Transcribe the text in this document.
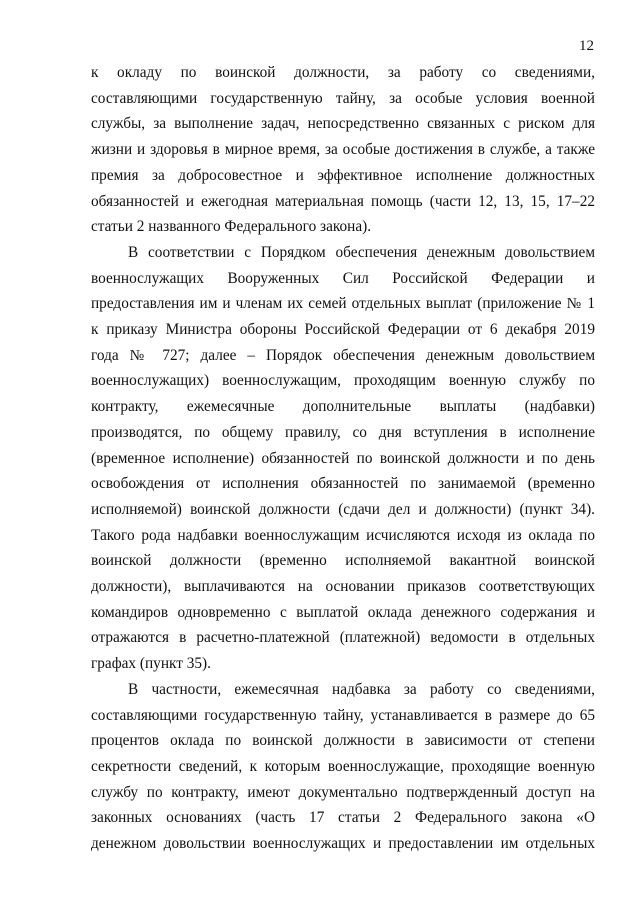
12

к окладу по воинской должности, за работу со сведениями,

составляющими государственную тайну, за особые условия военной

службы, за выполнение задач, непосредственно связанных с риском для

жизни и здоровья в мирное время, за особые достижения в службе, а также

премия за добросовестное и эффективное исполнение должностных

обязанностей и ежегодная материальная помощь (части 12, 13, 15, 17–22

статьи 2 названного Федерального закона).

В соответствии с Порядком обеспечения денежным довольствием

военнослужащих Вооруженных Сил Российской Федерации и

предоставления им и членам их семей отдельных выплат (приложение № 1

к приказу Министра обороны Российской Федерации от 6 декабря 2019

года № 727; далее – Порядок обеспечения денежным довольствием

военнослужащих) военнослужащим, проходящим военную службу по

контракту, ежемесячные дополнительные выплаты (надбавки)

производятся, по общему правилу, со дня вступления в исполнение

(временное исполнение) обязанностей по воинской должности и по день

освобождения от исполнения обязанностей по занимаемой (временно

исполняемой) воинской должности (сдачи дел и должности) (пункт 34).

Такого рода надбавки военнослужащим исчисляются исходя из оклада по

воинской должности (временно исполняемой вакантной воинской

должности), выплачиваются на основании приказов соответствующих

командиров одновременно с выплатой оклада денежного содержания и

отражаются в расчетно-платежной (платежной) ведомости в отдельных

графах (пункт 35).

В частности, ежемесячная надбавка за работу со сведениями,

составляющими государственную тайну, устанавливается в размере до 65

процентов оклада по воинской должности в зависимости от степени

секретности сведений, к которым военнослужащие, проходящие военную

службу по контракту, имеют документально подтвержденный доступ на

законных основаниях (часть 17 статьи 2 Федерального закона «О

денежном довольствии военнослужащих и предоставлении им отдельных
